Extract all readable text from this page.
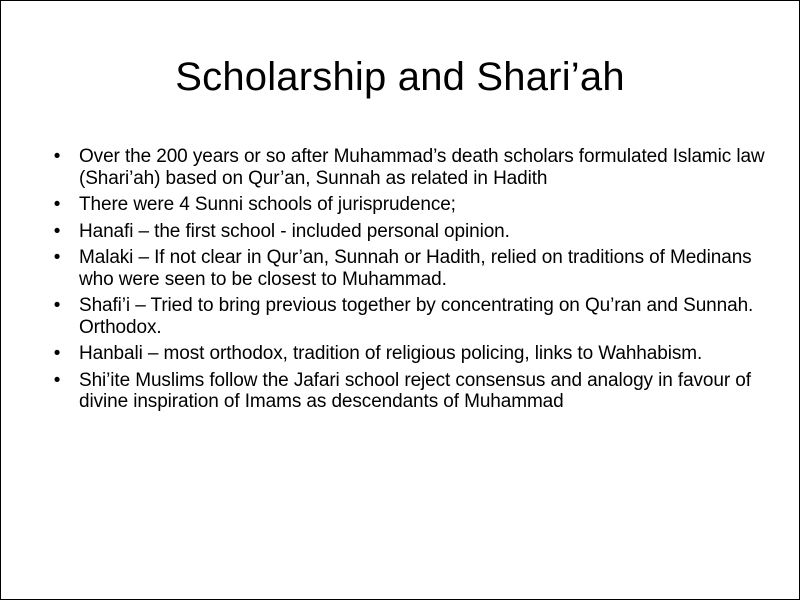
Scholarship and Shari’ah
• Over the 200 years or so after Muhammad’s death scholars formulated Islamic law (Shari’ah) based on Qur’an, Sunnah as related in Hadith
• There were 4 Sunni schools of jurisprudence;
• Hanafi – the first school - included personal opinion.
• Malaki – If not clear in Qur’an, Sunnah or Hadith, relied on traditions of Medinans who were seen to be closest to Muhammad.
• Shafi’i – Tried to bring previous together by concentrating on Qu’ran and Sunnah. Orthodox.
• Hanbali – most orthodox, tradition of religious policing, links to Wahhabism.
• Shi’ite Muslims follow the Jafari school reject consensus and analogy in favour of divine inspiration of Imams as descendants of Muhammad
